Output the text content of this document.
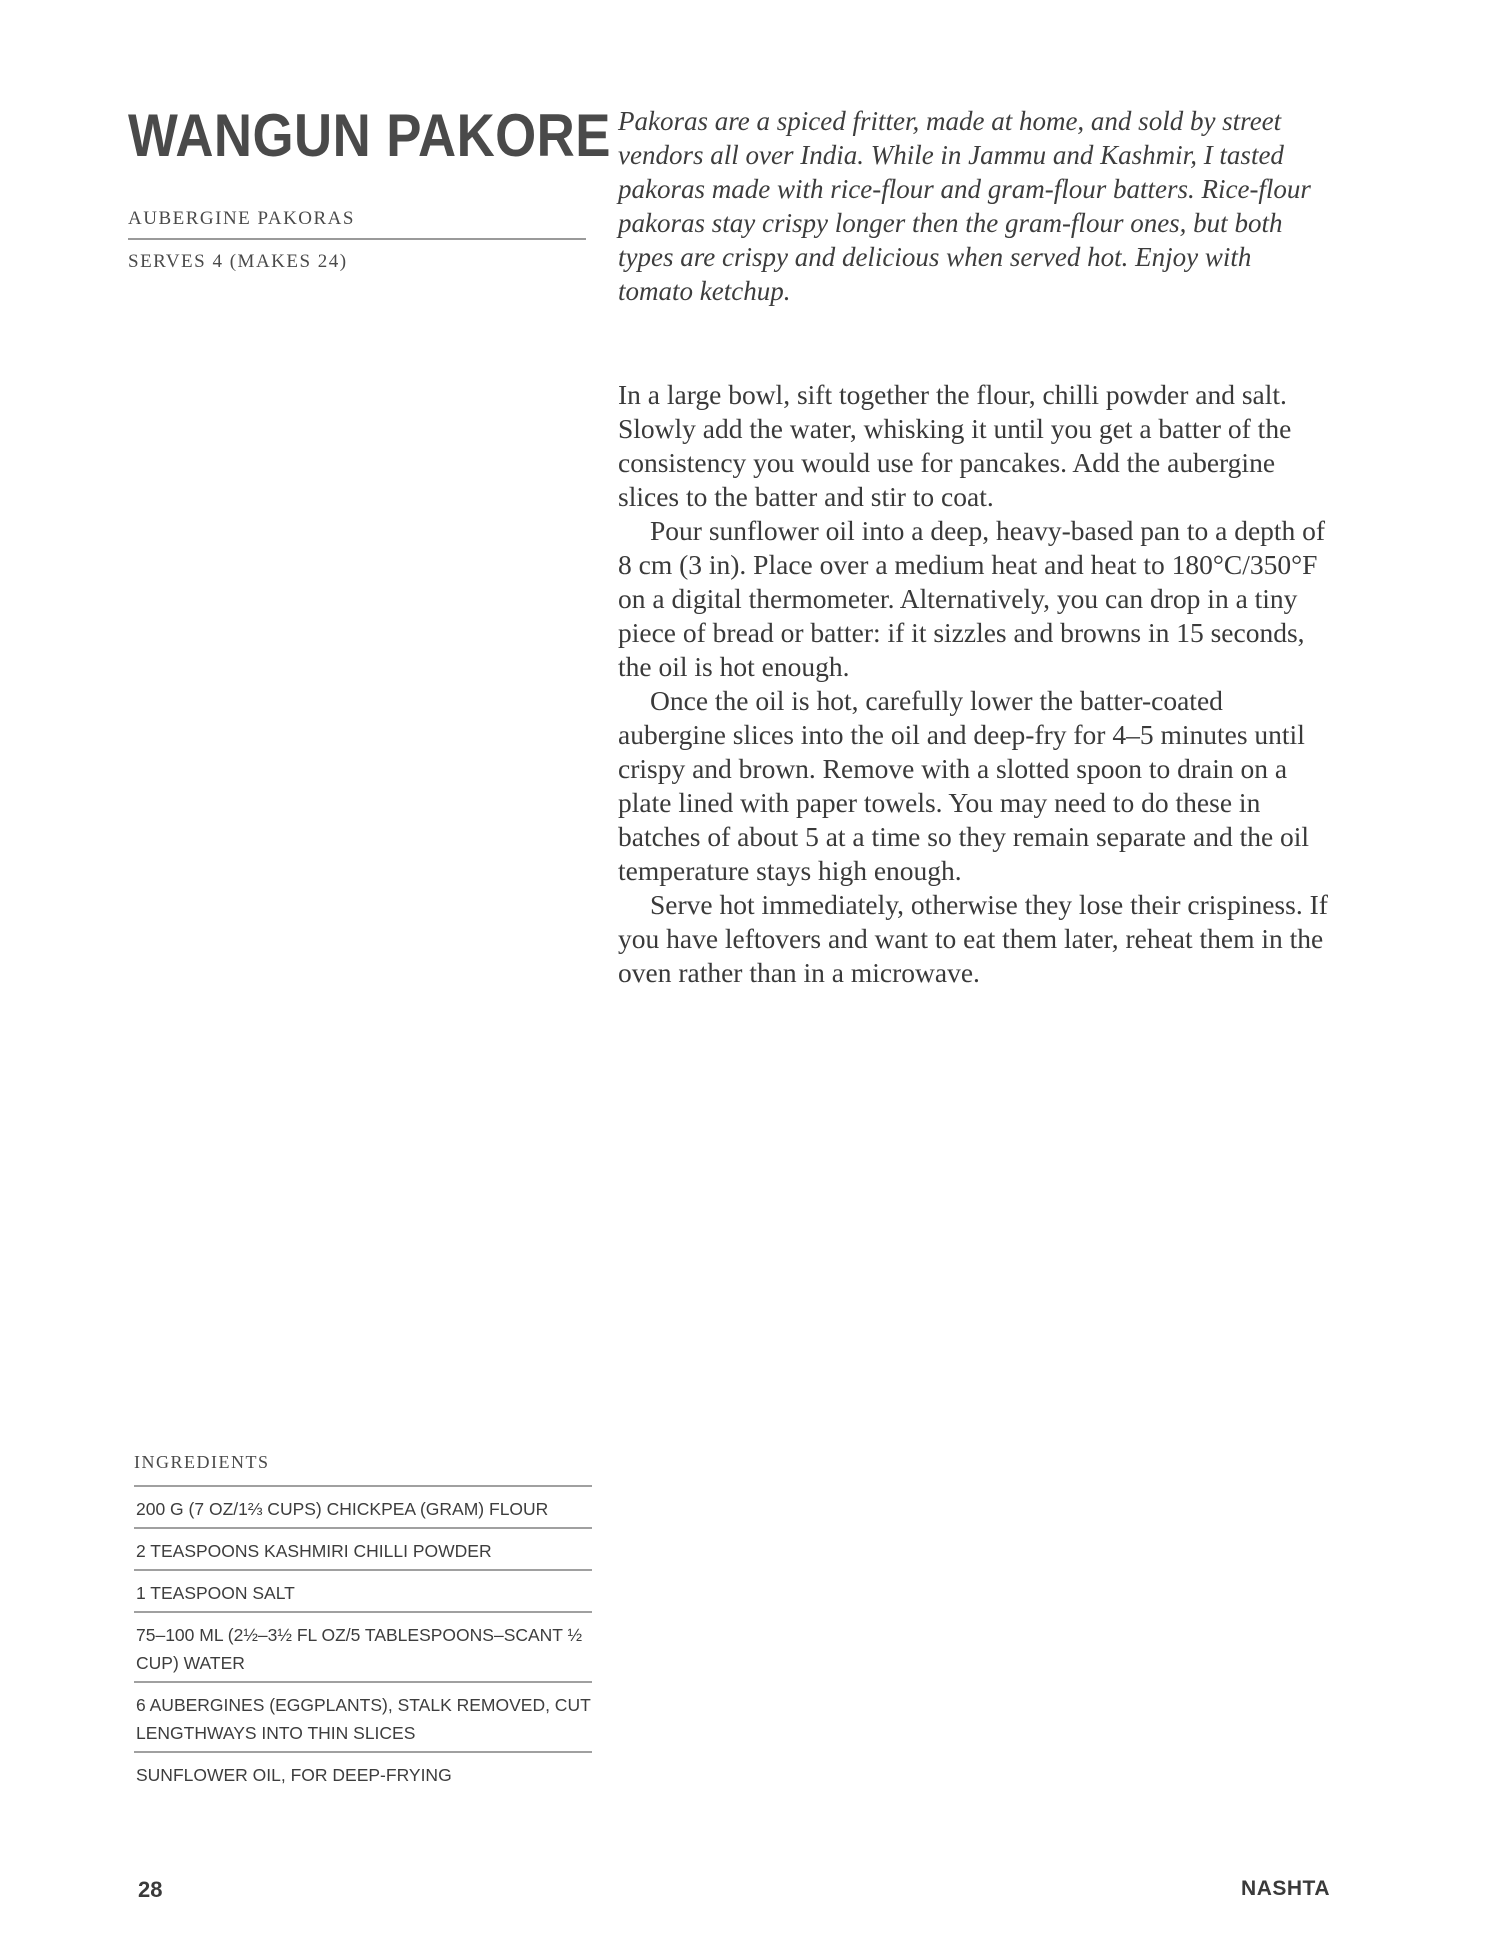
WANGUN PAKORE
AUBERGINE PAKORAS
SERVES 4 (MAKES 24)

Pakoras are a spiced fritter, made at home, and sold by street vendors all over India. While in Jammu and Kashmir, I tasted pakoras made with rice-flour and gram-flour batters. Rice-flour pakoras stay crispy longer then the gram-flour ones, but both types are crispy and delicious when served hot. Enjoy with tomato ketchup.

In a large bowl, sift together the flour, chilli powder and salt. Slowly add the water, whisking it until you get a batter of the consistency you would use for pancakes. Add the aubergine slices to the batter and stir to coat.

Pour sunflower oil into a deep, heavy-based pan to a depth of 8 cm (3 in). Place over a medium heat and heat to 180°C/350°F on a digital thermometer. Alternatively, you can drop in a tiny piece of bread or batter: if it sizzles and browns in 15 seconds, the oil is hot enough.

Once the oil is hot, carefully lower the batter-coated aubergine slices into the oil and deep-fry for 4–5 minutes until crispy and brown. Remove with a slotted spoon to drain on a plate lined with paper towels. You may need to do these in batches of about 5 at a time so they remain separate and the oil temperature stays high enough.

Serve hot immediately, otherwise they lose their crispiness. If you have leftovers and want to eat them later, reheat them in the oven rather than in a microwave.

INGREDIENTS
200 G (7 OZ/1⅔ CUPS) CHICKPEA (GRAM) FLOUR
2 TEASPOONS KASHMIRI CHILLI POWDER
1 TEASPOON SALT
75–100 ML (2½–3½ FL OZ/5 TABLESPOONS–SCANT ½ CUP) WATER
6 AUBERGINES (EGGPLANTS), STALK REMOVED, CUT LENGTHWAYS INTO THIN SLICES
SUNFLOWER OIL, FOR DEEP-FRYING
28	NASHTA
